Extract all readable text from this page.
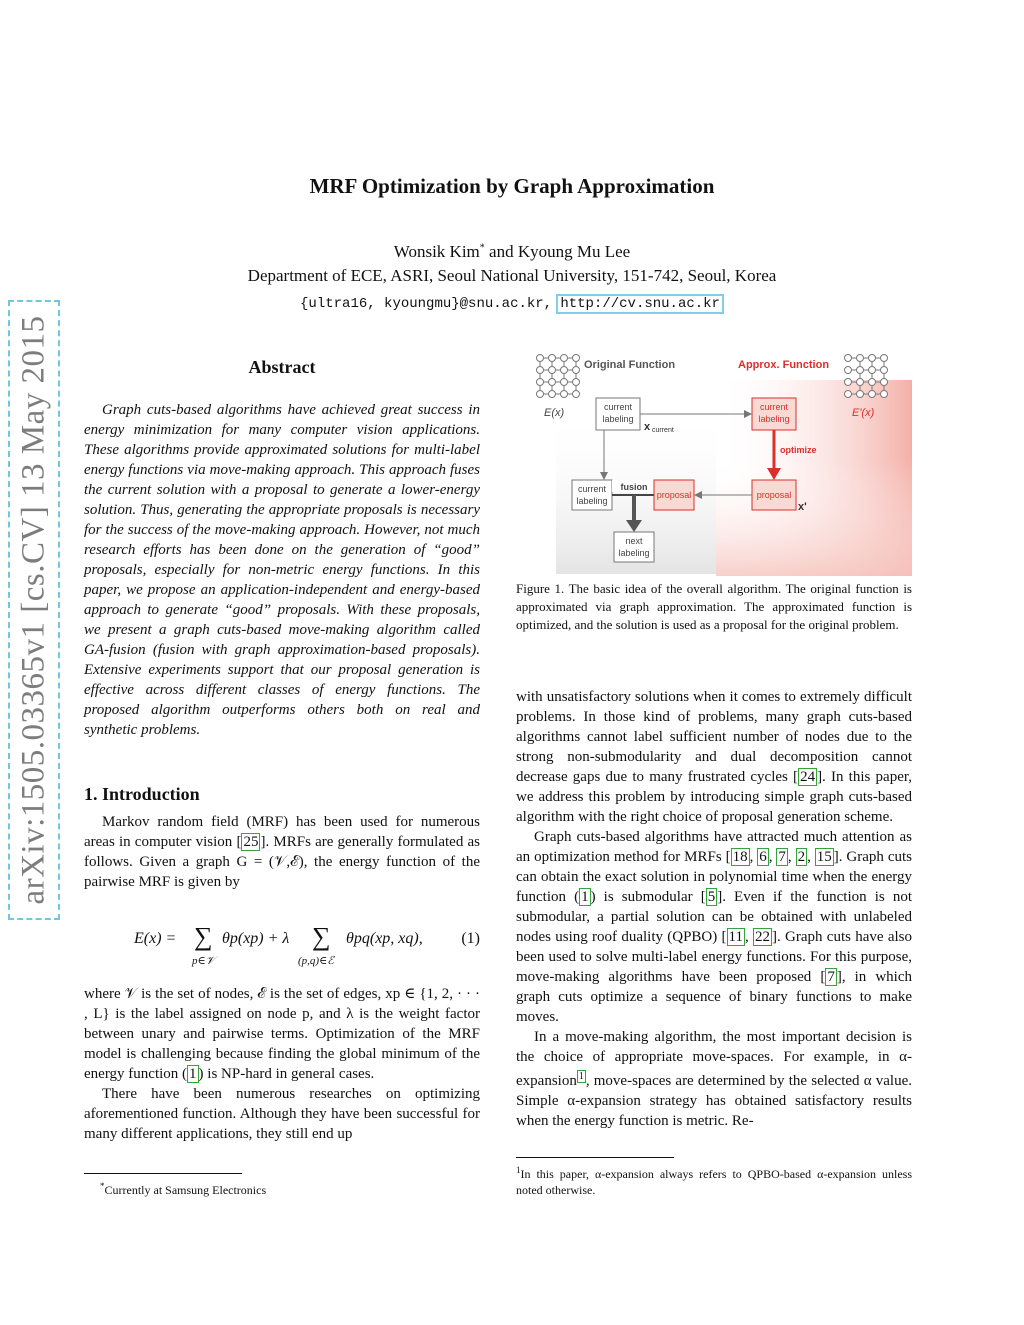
arXiv:1505.03365v1 [cs.CV] 13 May 2015
MRF Optimization by Graph Approximation
Wonsik Kim* and Kyoung Mu Lee
Department of ECE, ASRI, Seoul National University, 151-742, Seoul, Korea
{ultra16, kyoungmu}@snu.ac.kr, http://cv.snu.ac.kr
Abstract

Graph cuts-based algorithms have achieved great success in energy minimization for many computer vision applications. These algorithms provide approximated solutions for multi-label energy functions via move-making approach. This approach fuses the current solution with a proposal to generate a lower-energy solution. Thus, generating the appropriate proposals is necessary for the success of the move-making approach. However, not much research efforts has been done on the generation of “good” proposals, especially for non-metric energy functions. In this paper, we propose an application-independent and energy-based approach to generate “good” proposals. With these proposals, we present a graph cuts-based move-making algorithm called GA-fusion (fusion with graph approximation-based proposals). Extensive experiments support that our proposal generation is effective across different classes of energy functions. The proposed algorithm outperforms others both on real and synthetic problems.

1. Introduction

Markov random field (MRF) has been used for numerous areas in computer vision [ 25 ]. MRFs are generally formulated as follows. Given a graph G = (𝒱,ℰ), the energy function of the pairwise MRF is given by

E(x) = ∑
p∈𝒱
θp(xp) + λ ∑
(p,q)∈ℰ
θpq(xp, xq), (1)

where 𝒱 is the set of nodes, ℰ is the set of edges, xp ∈ {1, 2, · · · , L} is the label assigned on node p, and λ is the weight factor between unary and pairwise terms. Optimization of the MRF model is challenging because finding the global minimum of the energy function ( 1 ) is NP-hard in general cases.

There have been numerous researches on optimizing aforementioned function. Although they have been successful for many different applications, they still end up

*Currently at Samsung Electronics
Original Function	Approx. Function
E(x)	E'(x)
current
labeling
x current
current
labeling
optimize
proposal
x'
current
labeling
fusion
proposal
next
labeling
Figure 1. The basic idea of the overall algorithm. The original function is approximated via graph approximation. The approximated function is optimized, and the solution is used as a proposal for the original problem.

with unsatisfactory solutions when it comes to extremely difficult problems. In those kind of problems, many graph cuts-based algorithms cannot label sufficient number of nodes due to the strong non-submodularity and dual decomposition cannot decrease gaps due to many frustrated cycles [ 24 ]. In this paper, we address this problem by introducing simple graph cuts-based algorithm with the right choice of proposal generation scheme.

Graph cuts-based algorithms have attracted much attention as an optimization method for MRFs [ 18 , 6 , 7 , 2 , 15 ]. Graph cuts can obtain the exact solution in polynomial time when the energy function ( 1 ) is submodular [ 5 ]. Even if the function is not submodular, a partial solution can be obtained with unlabeled nodes using roof duality (QPBO) [ 11 , 22 ]. Graph cuts have also been used to solve multi-label energy functions. For this purpose, move-making algorithms have been proposed [ 7 ], in which graph cuts optimize a sequence of binary functions to make moves.

In a move-making algorithm, the most important decision is the choice of appropriate move-spaces. For example, in α-expansion $^1$ , move-spaces are determined by the selected α value. Simple α-expansion strategy has obtained satisfactory results when the energy function is metric. Re-

$^1$In this paper, α-expansion always refers to QPBO-based α-expansion unless noted otherwise.
